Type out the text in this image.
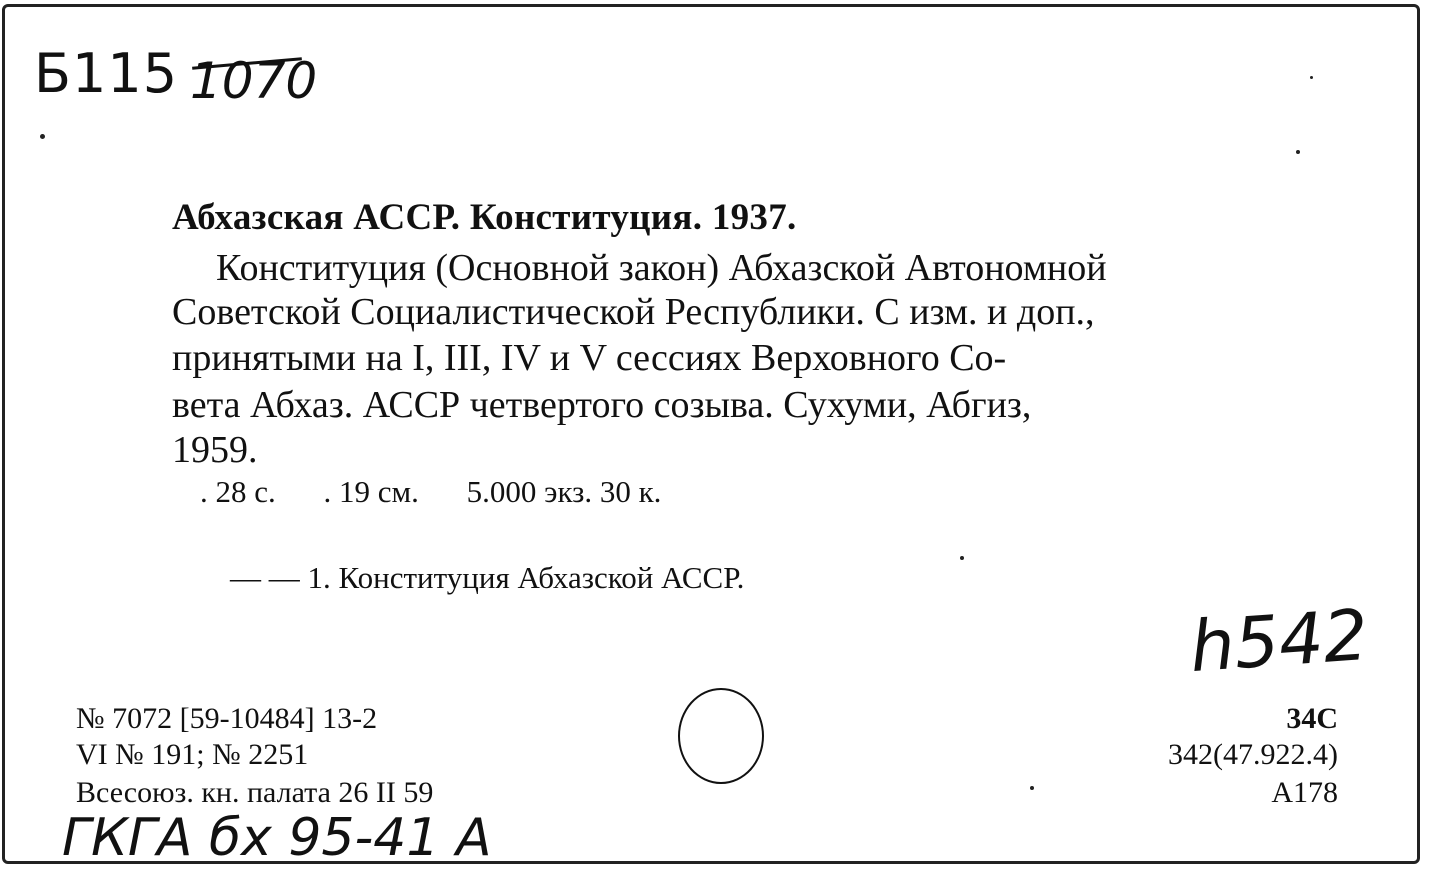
Б115 1070
Абхазская АССР. Конституция. 1937.
Конституция (Основной закон) Абхазской Автономной
Советской Социалистической Республики. С изм. и доп.,
принятыми на I, III, IV и V сессиях Верховного Со-
вета Абхаз. АССР четвертого созыва. Сухуми, Абгиз,
1959.
. 28 с. . 19 см. 5.000 экз. 30 к.
— — 1. Конституция Абхазской АССР.
h542
№ 7072 [59-10484] 13-2
VI № 191; № 2251
Всесоюз. кн. палата 26 II 59
ГКГА бх 95-41 А
34С
342(47.922.4)
А178
